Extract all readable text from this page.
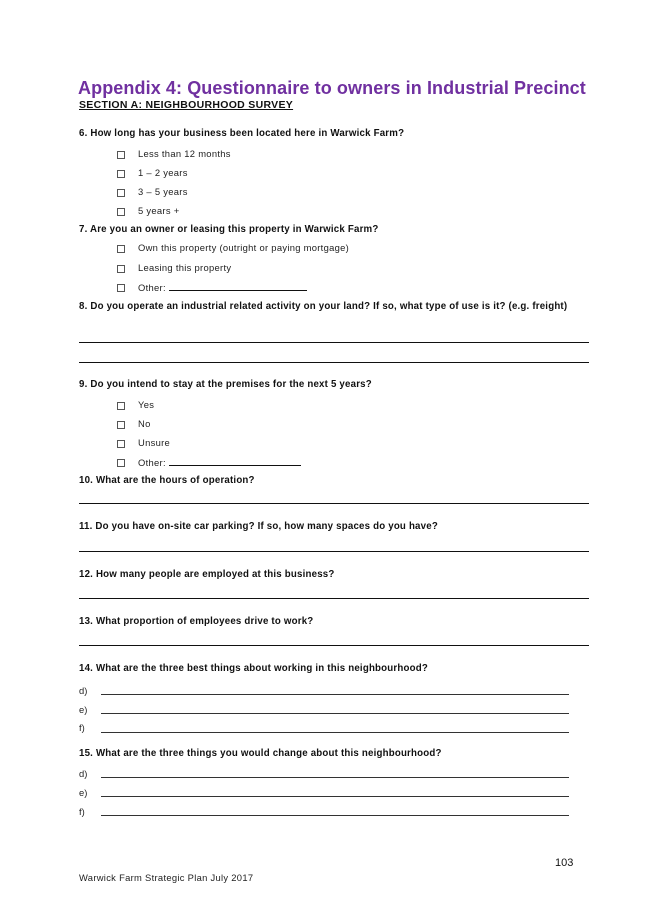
Appendix 4: Questionnaire to owners in Industrial Precinct
SECTION A: NEIGHBOURHOOD SURVEY
6. How long has your business been located here in Warwick Farm?
Less than 12 months
1 – 2 years
3 – 5 years
5 years +
7. Are you an owner or leasing this property in Warwick Farm?
Own this property (outright or paying mortgage)
Leasing this property
Other:
8. Do you operate an industrial related activity on your land? If so, what type of use is it? (e.g. freight)
9. Do you intend to stay at the premises for the next 5 years?
Yes
No
Unsure
Other:
10. What are the hours of operation?
11. Do you have on-site car parking? If so, how many spaces do you have?
12. How many people are employed at this business?
13. What proportion of employees drive to work?
14. What are the three best things about working in this neighbourhood?
d)
e)
f)
15. What are the three things you would change about this neighbourhood?
d)
e)
f)
103
Warwick Farm Strategic Plan July 2017
